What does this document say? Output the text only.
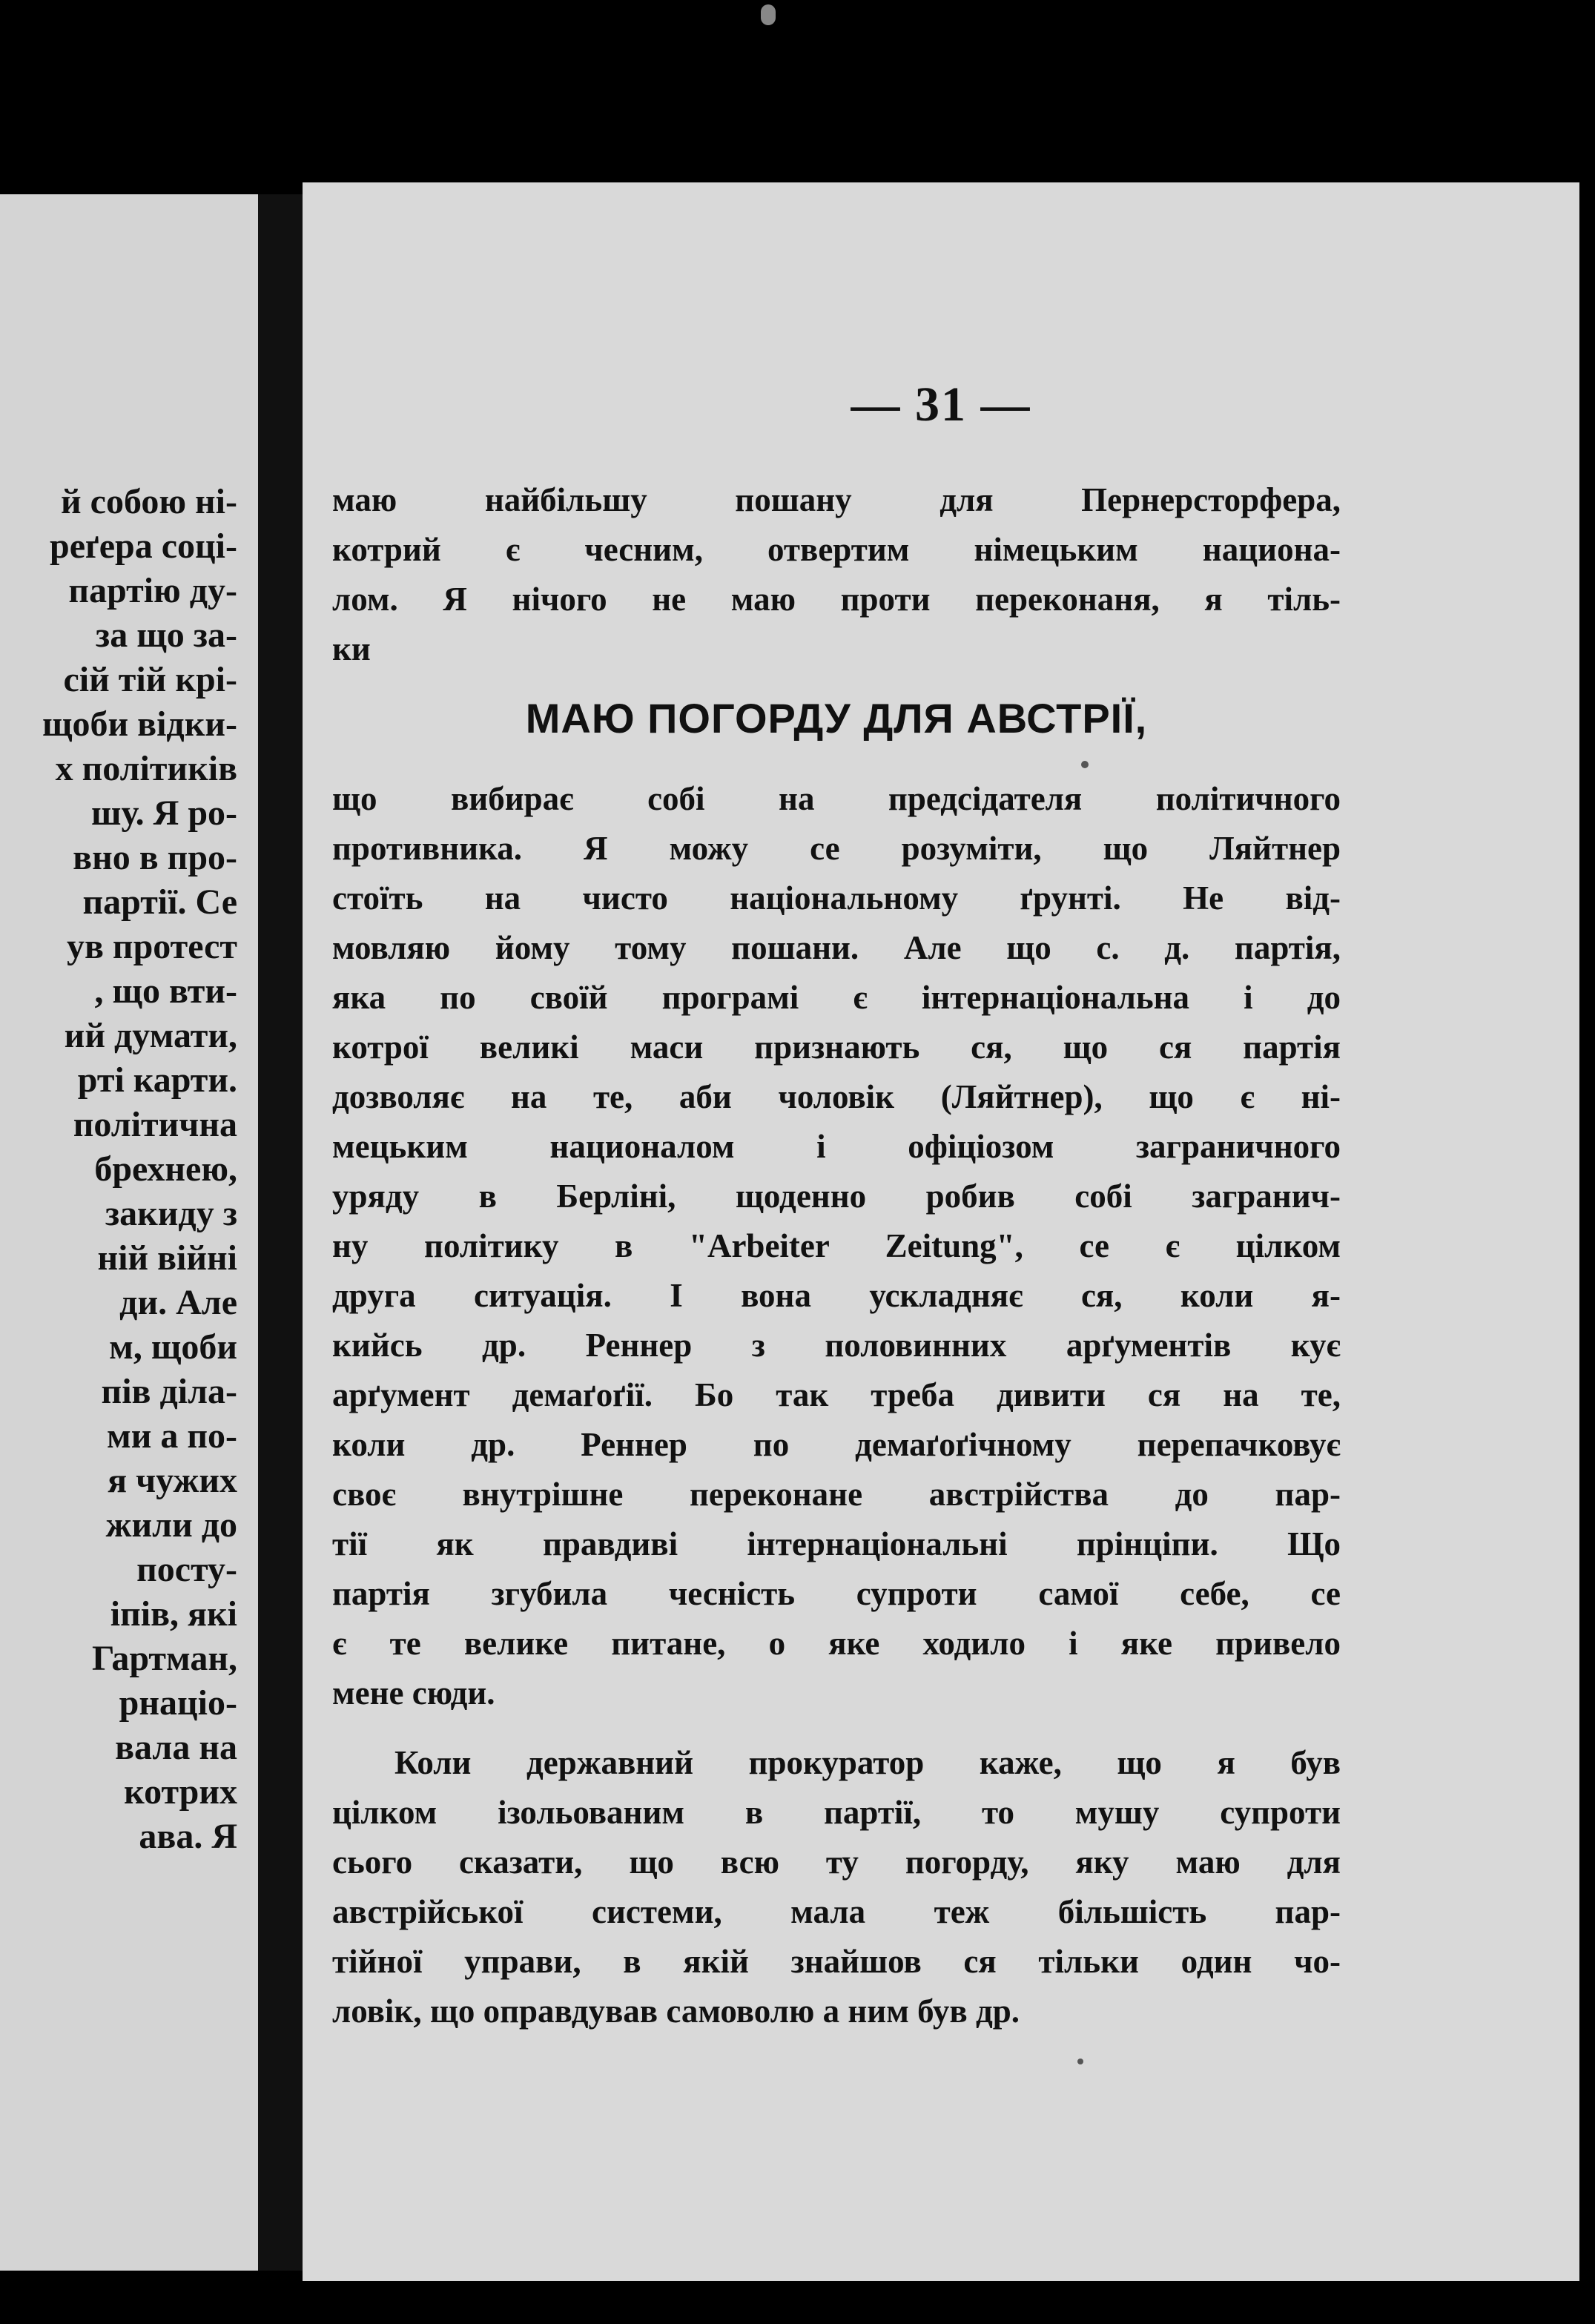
й собою ні-
реґера соці-
партію ду-
за що за-
сій тій крі-
щоби відки-
х політиків
шу. Я ро-
вно в про-
партії. Се
ув протест
, що вти-
ий думати,
рті карти.
політична
брехнею,
закиду з
ній війні
ди. Але
м, щоби
пів діла-
ми а по-
я чужих
жили до
посту-
іпів, які
Гартман,
рнаціо-
вала на
котрих
ава. Я
— 31 —
маю найбільшу пошану для Пернерсторфера,
котрий є чесним, отвертим німецьким национа-
лом. Я нічого не маю проти переконаня, я тіль-
ки
МАЮ ПОГОРДУ ДЛЯ АВСТРІЇ,
що вибирає собі на предсідателя політичного
противника. Я можу се розуміти, що Ляйтнер
стоїть на чисто національному ґрунті. Не від-
мовляю йому тому пошани. Але що с. д. партія,
яка по своїй програмі є інтернаціональна і до
котрої великі маси признають ся, що ся партія
дозволяє на те, аби чоловік (Ляйтнер), що є ні-
мецьким националом і офіціозом заграничного
уряду в Берліні, щоденно робив собі загранич-
ну політику в "Arbeiter Zeitung", се є цілком
друга ситуація. І вона ускладняє ся, коли я-
кийсь др. Реннер з половинних арґументів кує
арґумент демаґоґії. Бо так треба дивити ся на те,
коли др. Реннер по демаґоґічному перепачковує
своє внутрішне переконане австрійства до пар-
тії як правдиві інтернаціональні прінціпи. Що
партія згубила чесність супроти самої себе, се
є те велике питане, о яке ходило і яке привело
мене сюди.
Коли державний прокуратор каже, що я був
цілком ізольованим в партії, то мушу супроти
сього сказати, що всю ту погорду, яку маю для
австрійської системи, мала теж більшість пар-
тійної управи, в якій знайшов ся тільки один чо-
ловік, що оправдував самоволю а ним був др.
